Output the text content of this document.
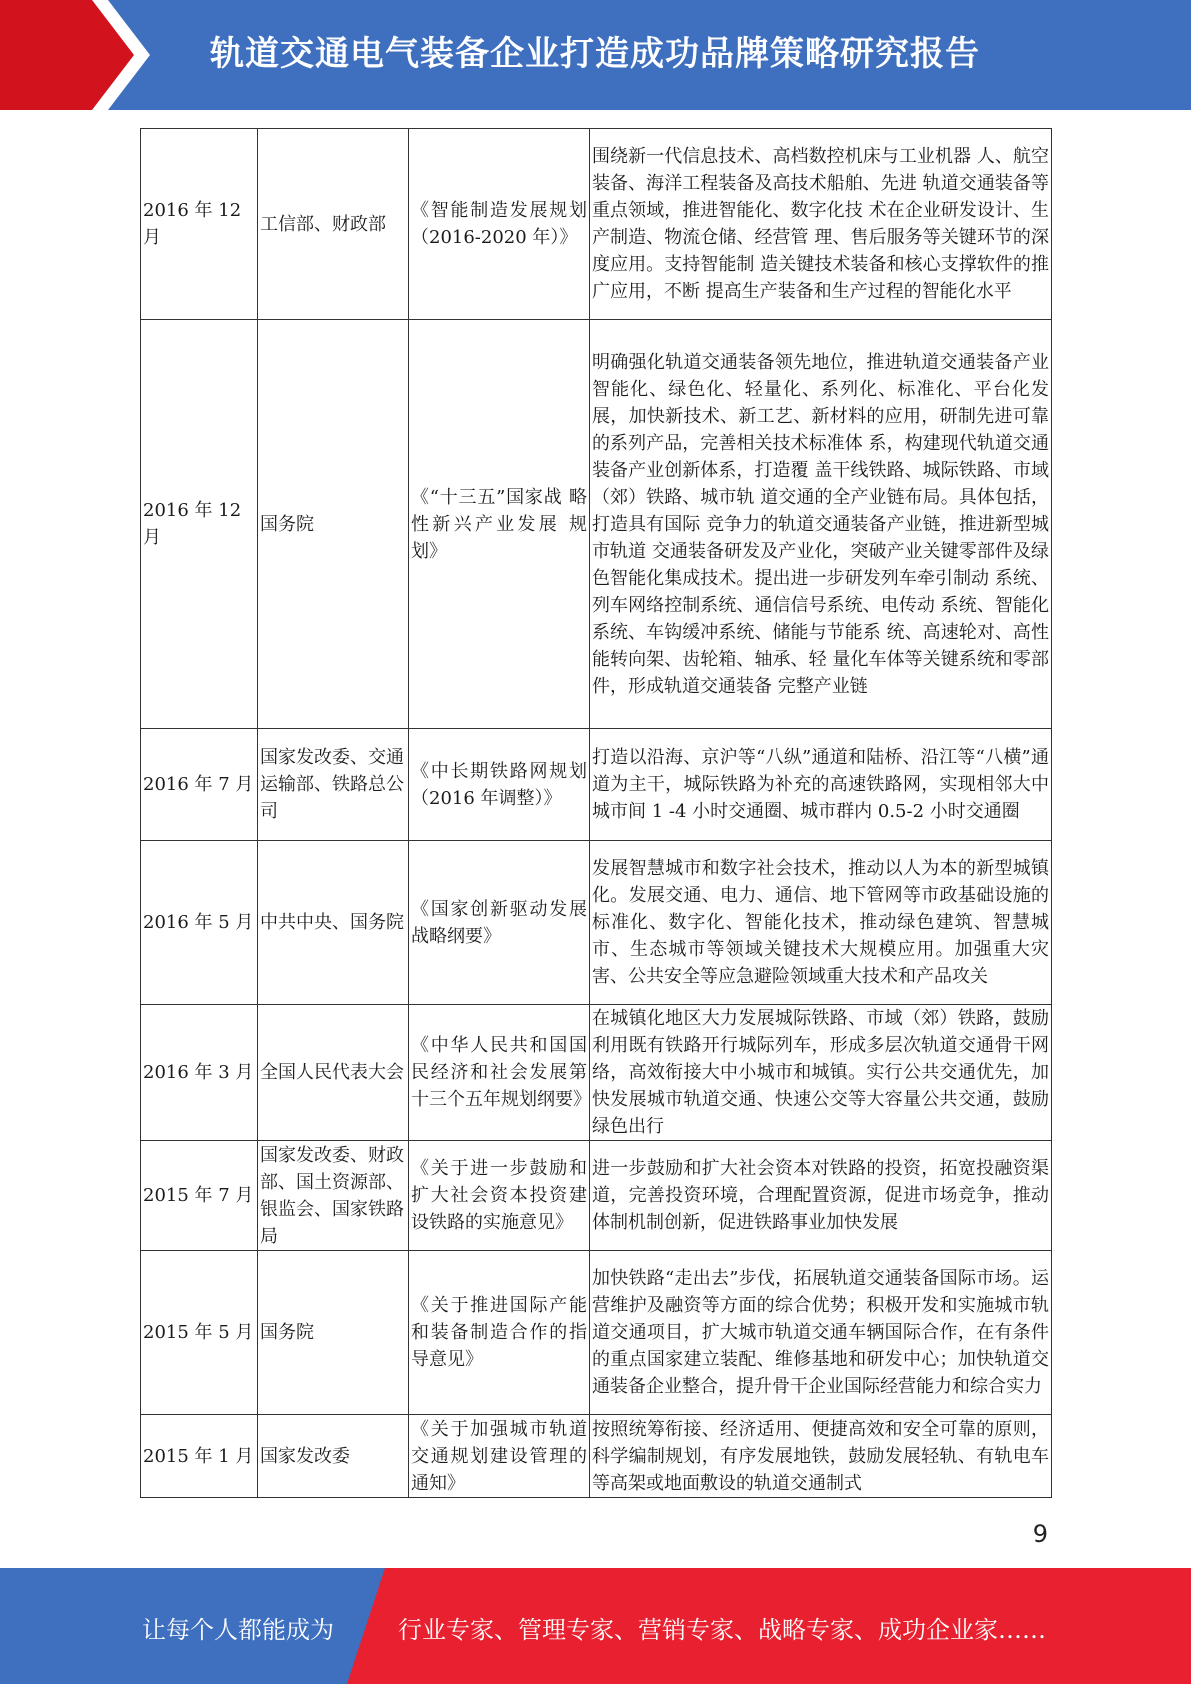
轨道交通电气装备企业打造成功品牌策略研究报告
2016 年 12 月	工信部、财政部	《智能制造发展规划（2016-2020 年）》	围绕新一代信息技术、高档数控机床与工业机器 人、航空装备、海洋工程装备及高技术船舶、先进 轨道交通装备等重点领域，推进智能化、数字化技 术在企业研发设计、生产制造、物流仓储、经营管 理、售后服务等关键环节的深度应用。支持智能制 造关键技术装备和核心支撑软件的推广应用，不断 提高生产装备和生产过程的智能化水平
2016 年 12 月	国务院	《“十三五”国家战 略性新兴产业发展 规划》	明确强化轨道交通装备领先地位，推进轨道交通装备产业智能化、绿色化、轻量化、系列化、标准化、平台化发展，加快新技术、新工艺、新材料的应用，研制先进可靠的系列产品，完善相关技术标准体 系，构建现代轨道交通装备产业创新体系，打造覆 盖干线铁路、城际铁路、市域（郊）铁路、城市轨 道交通的全产业链布局。具体包括，打造具有国际 竞争力的轨道交通装备产业链，推进新型城市轨道 交通装备研发及产业化，突破产业关键零部件及绿 色智能化集成技术。提出进一步研发列车牵引制动 系统、列车网络控制系统、通信信号系统、电传动 系统、智能化系统、车钩缓冲系统、储能与节能系 统、高速轮对、高性能转向架、齿轮箱、轴承、轻 量化车体等关键系统和零部件，形成轨道交通装备 完整产业链
2016 年 7 月	国家发改委、交通运输部、铁路总公司	《中长期铁路网规划（2016 年调整）》	打造以沿海、京沪等“八纵”通道和陆桥、沿江等“八横”通道为主干，城际铁路为补充的高速铁路网，实现相邻大中城市间 1 -4 小时交通圈、城市群内 0.5-2 小时交通圈
2016 年 5 月	中共中央、国务院	《国家创新驱动发展战略纲要》	发展智慧城市和数字社会技术，推动以人为本的新型城镇化。发展交通、电力、通信、地下管网等市政基础设施的标准化、数字化、智能化技术，推动绿色建筑、智慧城市、生态城市等领域关键技术大规模应用。加强重大灾害、公共安全等应急避险领域重大技术和产品攻关
2016 年 3 月	全国人民代表大会	《中华人民共和国国民经济和社会发展第十三个五年规划纲要》	在城镇化地区大力发展城际铁路、市域（郊）铁路，鼓励利用既有铁路开行城际列车，形成多层次轨道交通骨干网络，高效衔接大中小城市和城镇。实行公共交通优先，加快发展城市轨道交通、快速公交等大容量公共交通，鼓励绿色出行
2015 年 7 月	国家发改委、财政部、国土资源部、银监会、国家铁路局	《关于进一步鼓励和扩大社会资本投资建设铁路的实施意见》	进一步鼓励和扩大社会资本对铁路的投资，拓宽投融资渠道，完善投资环境，合理配置资源，促进市场竞争，推动体制机制创新，促进铁路事业加快发展
2015 年 5 月	国务院	《关于推进国际产能和装备制造合作的指导意见》	加快铁路“走出去”步伐，拓展轨道交通装备国际市场。运营维护及融资等方面的综合优势；积极开发和实施城市轨道交通项目，扩大城市轨道交通车辆国际合作，在有条件的重点国家建立装配、维修基地和研发中心；加快轨道交通装备企业整合，提升骨干企业国际经营能力和综合实力
2015 年 1 月	国家发改委	《关于加强城市轨道交通规划建设管理的通知》	按照统筹衔接、经济适用、便捷高效和安全可靠的原则，科学编制规划，有序发展地铁，鼓励发展轻轨、有轨电车等高架或地面敷设的轨道交通制式
9
让每个人都能成为	行业专家、管理专家、营销专家、战略专家、成功企业家……
